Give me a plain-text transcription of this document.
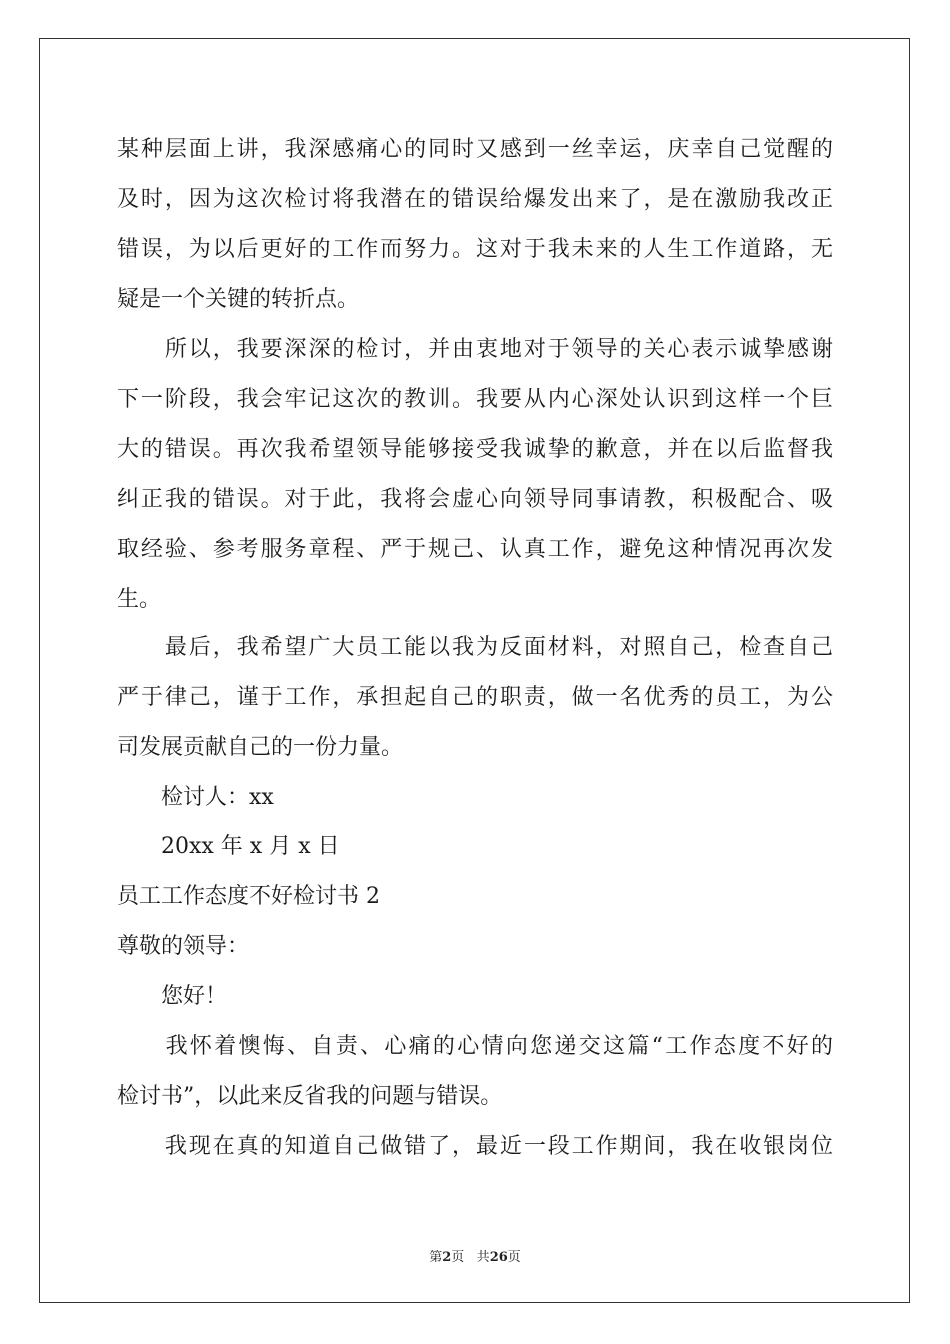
某种层面上讲，我深感痛心的同时又感到一丝幸运，庆幸自己觉醒的
及时，因为这次检讨将我潜在的错误给爆发出来了，是在激励我改正
错误，为以后更好的工作而努力。这对于我未来的人生工作道路，无
疑是一个关键的转折点。
　　所以，我要深深的检讨，并由衷地对于领导的关心表示诚挚感谢
下一阶段，我会牢记这次的教训。我要从内心深处认识到这样一个巨
大的错误。再次我希望领导能够接受我诚挚的歉意，并在以后监督我
纠正我的错误。对于此，我将会虚心向领导同事请教，积极配合、吸
取经验、参考服务章程、严于规己、认真工作，避免这种情况再次发
生。
　　最后，我希望广大员工能以我为反面材料，对照自己，检查自己
严于律己，谨于工作，承担起自己的职责，做一名优秀的员工，为公
司发展贡献自己的一份力量。
　　检讨人：xx
　　20xx 年 x 月 x 日
员工工作态度不好检讨书 2
尊敬的领导：
　　您好！
　　我怀着懊悔、自责、心痛的心情向您递交这篇“工作态度不好的
检讨书”，以此来反省我的问题与错误。
　　我现在真的知道自己做错了，最近一段工作期间，我在收银岗位
第2页 共26页
